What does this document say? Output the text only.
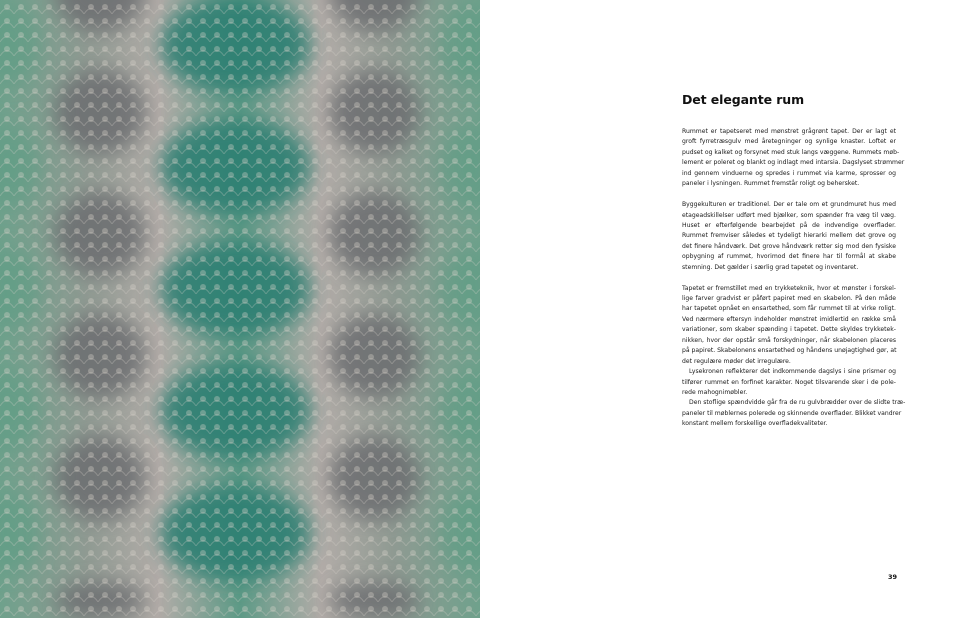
Det elegante rum
Rummet er tapetseret med mønstret grågrønt tapet. Der er lagt et
groft fyrretræsgulv med åretegninger og synlige knaster. Loftet er
pudset og kalket og forsynet med stuk langs væggene. Rummets møb-
lement er poleret og blankt og indlagt med intarsia. Dagslyset strømmer
ind gennem vinduerne og spredes i rummet via karme, sprosser og
paneler i lysningen. Rummet fremstår roligt og behersket.
Byggekulturen er traditionel. Der er tale om et grundmuret hus med
etageadskillelser udført med bjælker, som spænder fra væg til væg.
Huset er efterfølgende bearbejdet på de indvendige overflader.
Rummet fremviser således et tydeligt hierarki mellem det grove og
det finere håndværk. Det grove håndværk retter sig mod den fysiske
opbygning af rummet, hvorimod det finere har til formål at skabe
stemning. Det gælder i særlig grad tapetet og inventaret.
Tapetet er fremstillet med en trykketeknik, hvor et mønster i forskel-
lige farver gradvist er påført papiret med en skabelon. På den måde
har tapetet opnået en ensartethed, som får rummet til at virke roligt.
Ved nærmere eftersyn indeholder mønstret imidlertid en række små
variationer, som skaber spænding i tapetet. Dette skyldes trykketek-
nikken, hvor der opstår små forskydninger, når skabelonen placeres
på papiret. Skabelonens ensartethed og håndens unøjagtighed gør, at
det regulære møder det irregulære.
Lysekronen reflekterer det indkommende dagslys i sine prismer og
tilfører rummet en forfinet karakter. Noget tilsvarende sker i de pole-
rede mahognimøbler.
Den stoflige spændvidde går fra de ru gulvbrædder over de slidte træ-
paneler til møblernes polerede og skinnende overflader. Blikket vandrer
konstant mellem forskellige overfladekvaliteter.
39
